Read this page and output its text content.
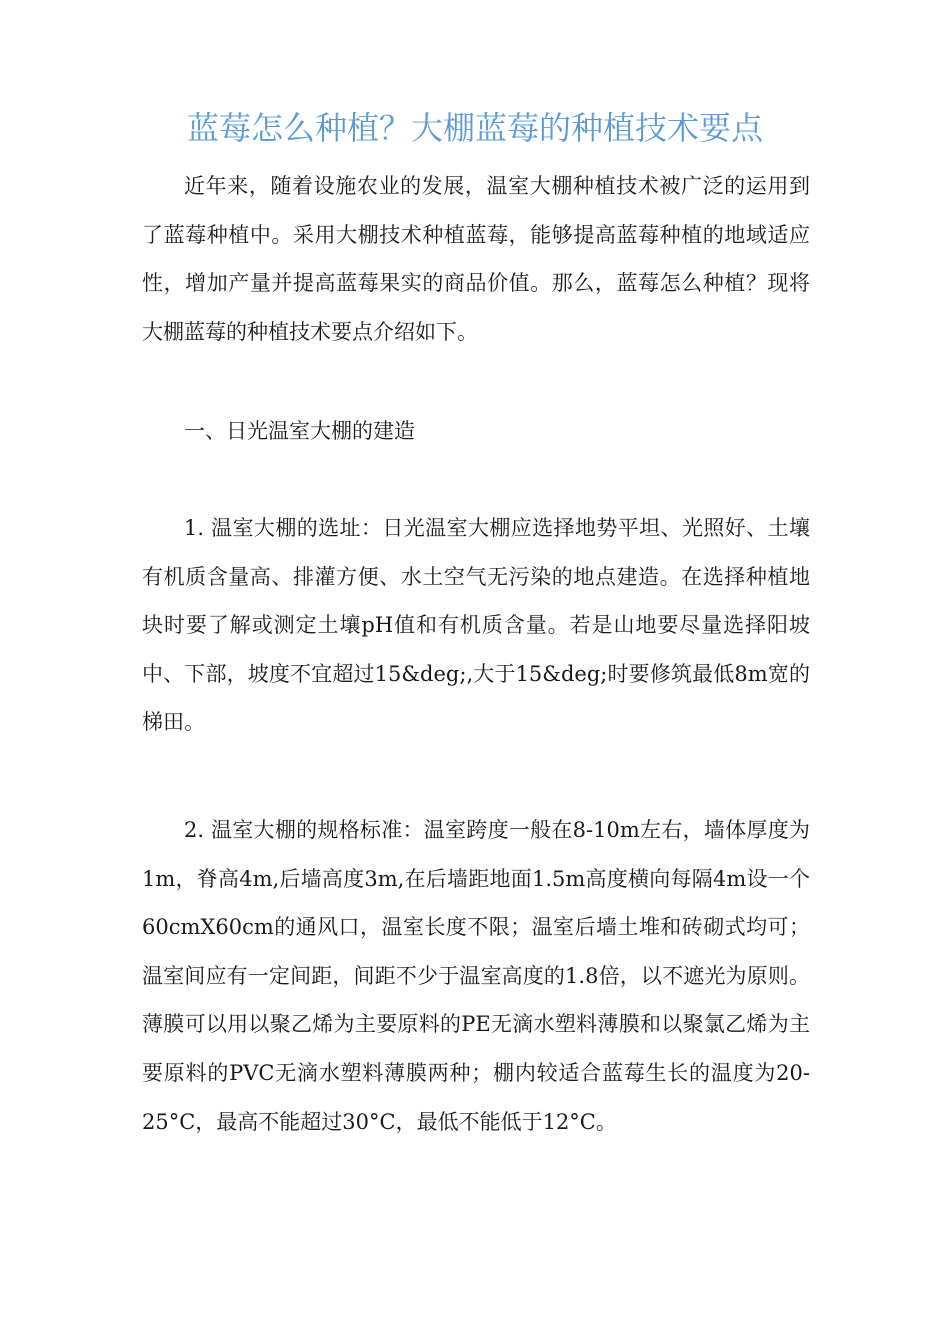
蓝莓怎么种植？大棚蓝莓的种植技术要点

近年来，随着设施农业的发展，温室大棚种植技术被广泛的运用到了蓝莓种植中。采用大棚技术种植蓝莓，能够提高蓝莓种植的地域适应性，增加产量并提高蓝莓果实的商品价值。那么，蓝莓怎么种植？现将大棚蓝莓的种植技术要点介绍如下。

一、日光温室大棚的建造

1. 温室大棚的选址：日光温室大棚应选择地势平坦、光照好、土壤有机质含量高、排灌方便、水土空气无污染的地点建造。在选择种植地块时要了解或测定土壤pH值和有机质含量。若是山地要尽量选择阳坡中、下部，坡度不宜超过15&deg;,大于15&deg;时要修筑最低8m宽的梯田。

2. 温室大棚的规格标准：温室跨度一般在8-10m左右，墙体厚度为1m，脊高4m,后墙高度3m,在后墙距地面1.5m高度横向每隔4m设一个60cmX60cm的通风口，温室长度不限；温室后墙土堆和砖砌式均可；温室间应有一定间距，间距不少于温室高度的1.8倍，以不遮光为原则。薄膜可以用以聚乙烯为主要原料的PE无滴水塑料薄膜和以聚氯乙烯为主要原料的PVC无滴水塑料薄膜两种；棚内较适合蓝莓生长的温度为20-25°C，最高不能超过30°C，最低不能低于12°C。
